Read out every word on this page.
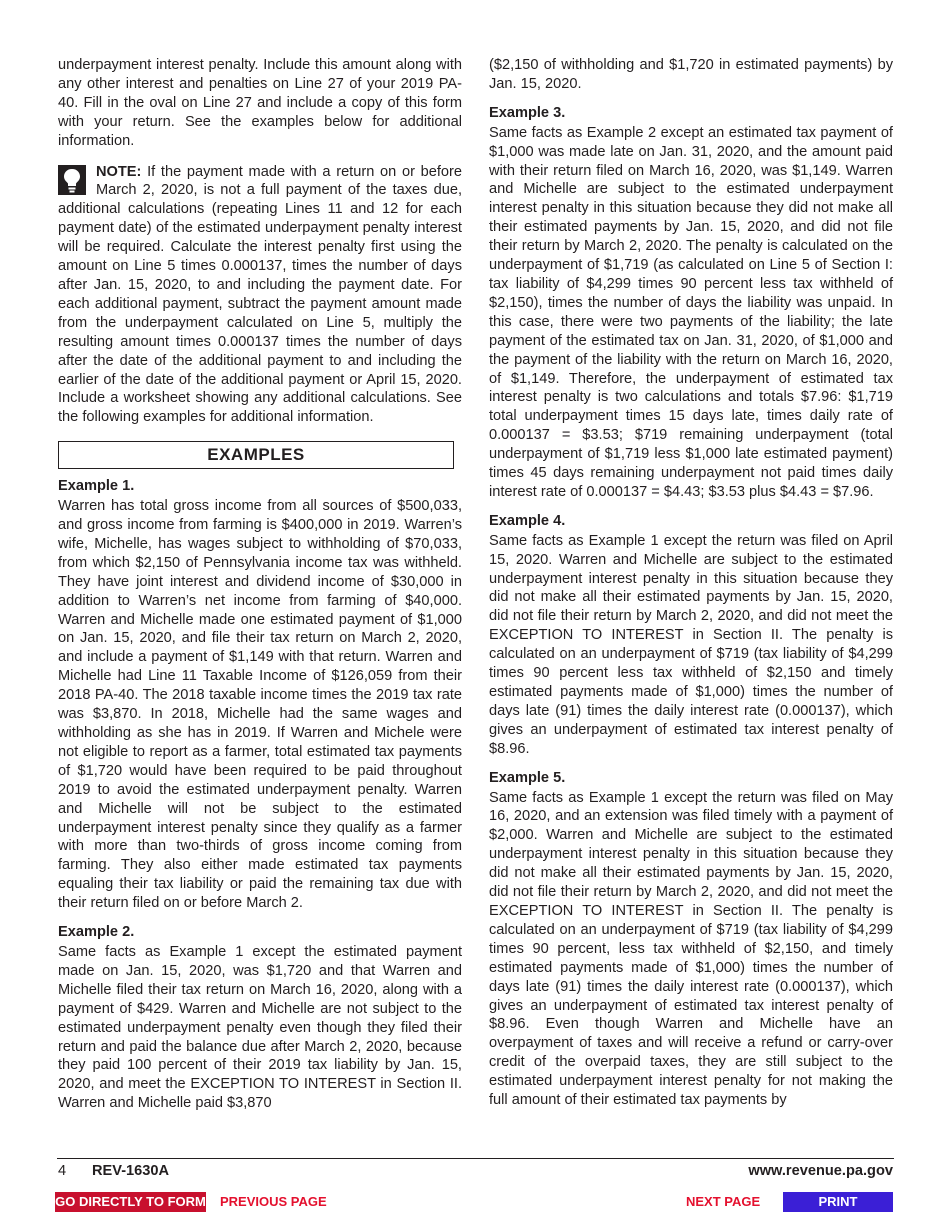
underpayment interest penalty. Include this amount along with any other interest and penalties on Line 27 of your 2019 PA-40. Fill in the oval on Line 27 and include a copy of this form with your return. See the examples below for additional information.

NOTE: If the payment made with a return on or before March 2, 2020, is not a full payment of the taxes due, additional calculations (repeating Lines 11 and 12 for each payment date) of the estimated underpayment penalty interest will be required. Calculate the interest penalty first using the amount on Line 5 times 0.000137, times the number of days after Jan. 15, 2020, to and including the payment date. For each additional payment, subtract the payment amount made from the underpayment calculated on Line 5, multiply the resulting amount times 0.000137 times the number of days after the date of the additional payment to and including the earlier of the date of the additional payment or April 15, 2020. Include a worksheet showing any additional calculations. See the following examples for additional information.

EXAMPLES
Example 1.

Warren has total gross income from all sources of $500,033, and gross income from farming is $400,000 in 2019. Warren’s wife, Michelle, has wages subject to withholding of $70,033, from which $2,150 of Pennsylvania income tax was withheld. They have joint interest and dividend income of $30,000 in addition to Warren’s net income from farming of $40,000. Warren and Michelle made one estimated payment of $1,000 on Jan. 15, 2020, and file their tax return on March 2, 2020, and include a payment of $1,149 with that return. Warren and Michelle had Line 11 Taxable Income of $126,059 from their 2018 PA-40. The 2018 taxable income times the 2019 tax rate was $3,870. In 2018, Michelle had the same wages and withholding as she has in 2019. If Warren and Michele were not eligible to report as a farmer, total estimated tax payments of $1,720 would have been required to be paid throughout 2019 to avoid the estimated underpayment penalty. Warren and Michelle will not be subject to the estimated underpayment interest penalty since they qualify as a farmer with more than two-thirds of gross income coming from farming. They also either made estimated tax payments equaling their tax liability or paid the remaining tax due with their return filed on or before March 2.

Example 2.

Same facts as Example 1 except the estimated payment made on Jan. 15, 2020, was $1,720 and that Warren and Michelle filed their tax return on March 16, 2020, along with a payment of $429. Warren and Michelle are not subject to the estimated underpayment penalty even though they filed their return and paid the balance due after March 2, 2020, because they paid 100 percent of their 2019 tax liability by Jan. 15, 2020, and meet the EXCEPTION TO INTEREST in Section II. Warren and Michelle paid $3,870

($2,150 of withholding and $1,720 in estimated payments) by Jan. 15, 2020.

Example 3.

Same facts as Example 2 except an estimated tax payment of $1,000 was made late on Jan. 31, 2020, and the amount paid with their return filed on March 16, 2020, was $1,149. Warren and Michelle are subject to the estimated underpayment interest penalty in this situation because they did not make all their estimated payments by Jan. 15, 2020, and did not file their return by March 2, 2020. The penalty is calculated on the underpayment of $1,719 (as calculated on Line 5 of Section I: tax liability of $4,299 times 90 percent less tax withheld of $2,150), times the number of days the liability was unpaid. In this case, there were two payments of the liability; the late payment of the estimated tax on Jan. 31, 2020, of $1,000 and the payment of the liability with the return on March 16, 2020, of $1,149. Therefore, the underpayment of estimated tax interest penalty is two calculations and totals $7.96: $1,719 total underpayment times 15 days late, times daily rate of 0.000137 = $3.53; $719 remaining underpayment (total underpayment of $1,719 less $1,000 late estimated payment) times 45 days remaining underpayment not paid times daily interest rate of 0.000137 = $4.43; $3.53 plus $4.43 = $7.96.

Example 4.

Same facts as Example 1 except the return was filed on April 15, 2020. Warren and Michelle are subject to the estimated underpayment interest penalty in this situation because they did not make all their estimated payments by Jan. 15, 2020, did not file their return by March 2, 2020, and did not meet the EXCEPTION TO INTEREST in Section II. The penalty is calculated on an underpayment of $719 (tax liability of $4,299 times 90 percent less tax withheld of $2,150 and timely estimated payments made of $1,000) times the number of days late (91) times the daily interest rate (0.000137), which gives an underpayment of estimated tax interest penalty of $8.96.

Example 5.

Same facts as Example 1 except the return was filed on May 16, 2020, and an extension was filed timely with a payment of $2,000. Warren and Michelle are subject to the estimated underpayment interest penalty in this situation because they did not make all their estimated payments by Jan. 15, 2020, did not file their return by March 2, 2020, and did not meet the EXCEPTION TO INTEREST in Section II. The penalty is calculated on an underpayment of $719 (tax liability of $4,299 times 90 percent, less tax withheld of $2,150, and timely estimated payments made of $1,000) times the number of days late (91) times the daily interest rate (0.000137), which gives an underpayment of estimated tax interest penalty of $8.96. Even though Warren and Michelle have an overpayment of taxes and will receive a refund or carry-over credit of the overpaid taxes, they are still subject to the estimated underpayment interest penalty for not making the full amount of their estimated tax payments by

4 REV-1630A	www.revenue.pa.gov
GO DIRECTLY TO FORM PREVIOUS PAGE	NEXT PAGE	PRINT
